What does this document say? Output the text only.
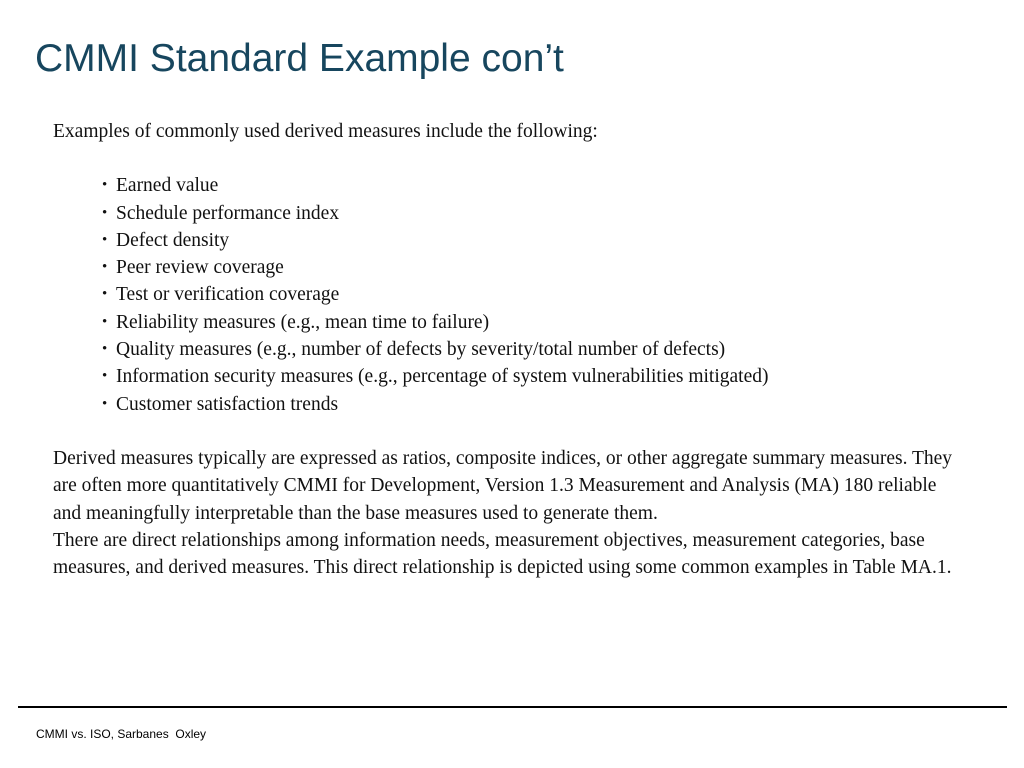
CMMI Standard Example con’t

Examples of commonly used derived measures include the following:

• Earned value
• Schedule performance index
• Defect density
• Peer review coverage
• Test or verification coverage
• Reliability measures (e.g., mean time to failure)
• Quality measures (e.g., number of defects by severity/total number of defects)
• Information security measures (e.g., percentage of system vulnerabilities mitigated)
• Customer satisfaction trends

Derived measures typically are expressed as ratios, composite indices, or other aggregate summary measures. They are often more quantitatively CMMI for Development, Version 1.3 Measurement and Analysis (MA) 180 reliable and meaningfully interpretable than the base measures used to generate them.

There are direct relationships among information needs, measurement objectives, measurement categories, base measures, and derived measures. This direct relationship is depicted using some common examples in Table MA.1.

CMMI vs. ISO, Sarbanes  Oxley
